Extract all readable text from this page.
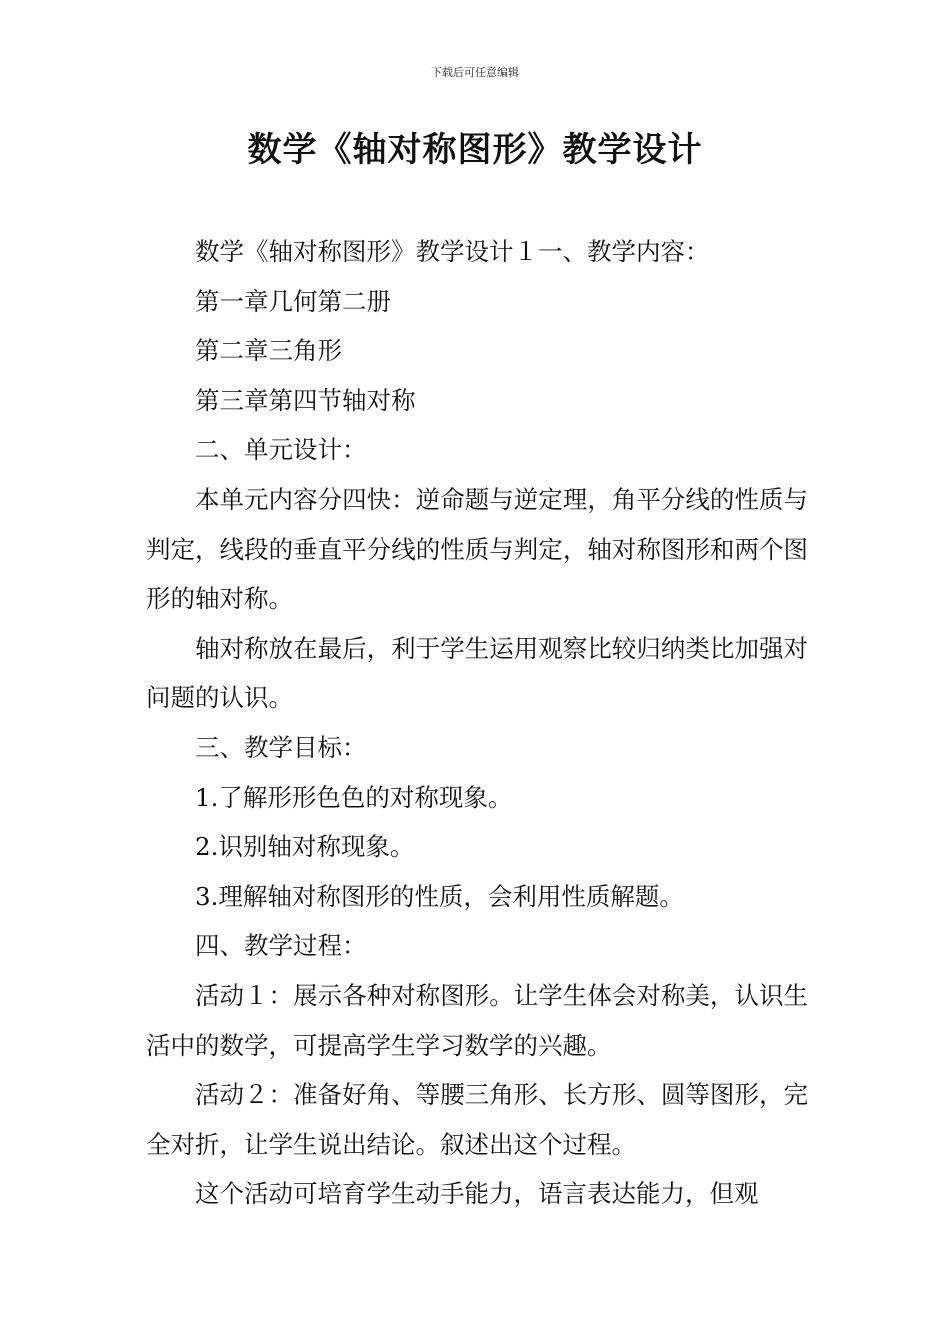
下载后可任意编辑
数学《轴对称图形》教学设计

数学《轴对称图形》教学设计１一、教学内容：

第一章几何第二册

第二章三角形

第三章第四节轴对称

二、单元设计：

本单元内容分四快：逆命题与逆定理，角平分线的性质与判定，线段的垂直平分线的性质与判定，轴对称图形和两个图形的轴对称。

轴对称放在最后，利于学生运用观察比较归纳类比加强对问题的认识。

三、教学目标：

1.了解形形色色的对称现象。

2.识别轴对称现象。

3.理解轴对称图形的性质，会利用性质解题。

四、教学过程：

活动１：展示各种对称图形。让学生体会对称美，认识生活中的数学，可提高学生学习数学的兴趣。

活动２：准备好角、等腰三角形、长方形、圆等图形，完全对折，让学生说出结论。叙述出这个过程。

这个活动可培育学生动手能力，语言表达能力，但观
